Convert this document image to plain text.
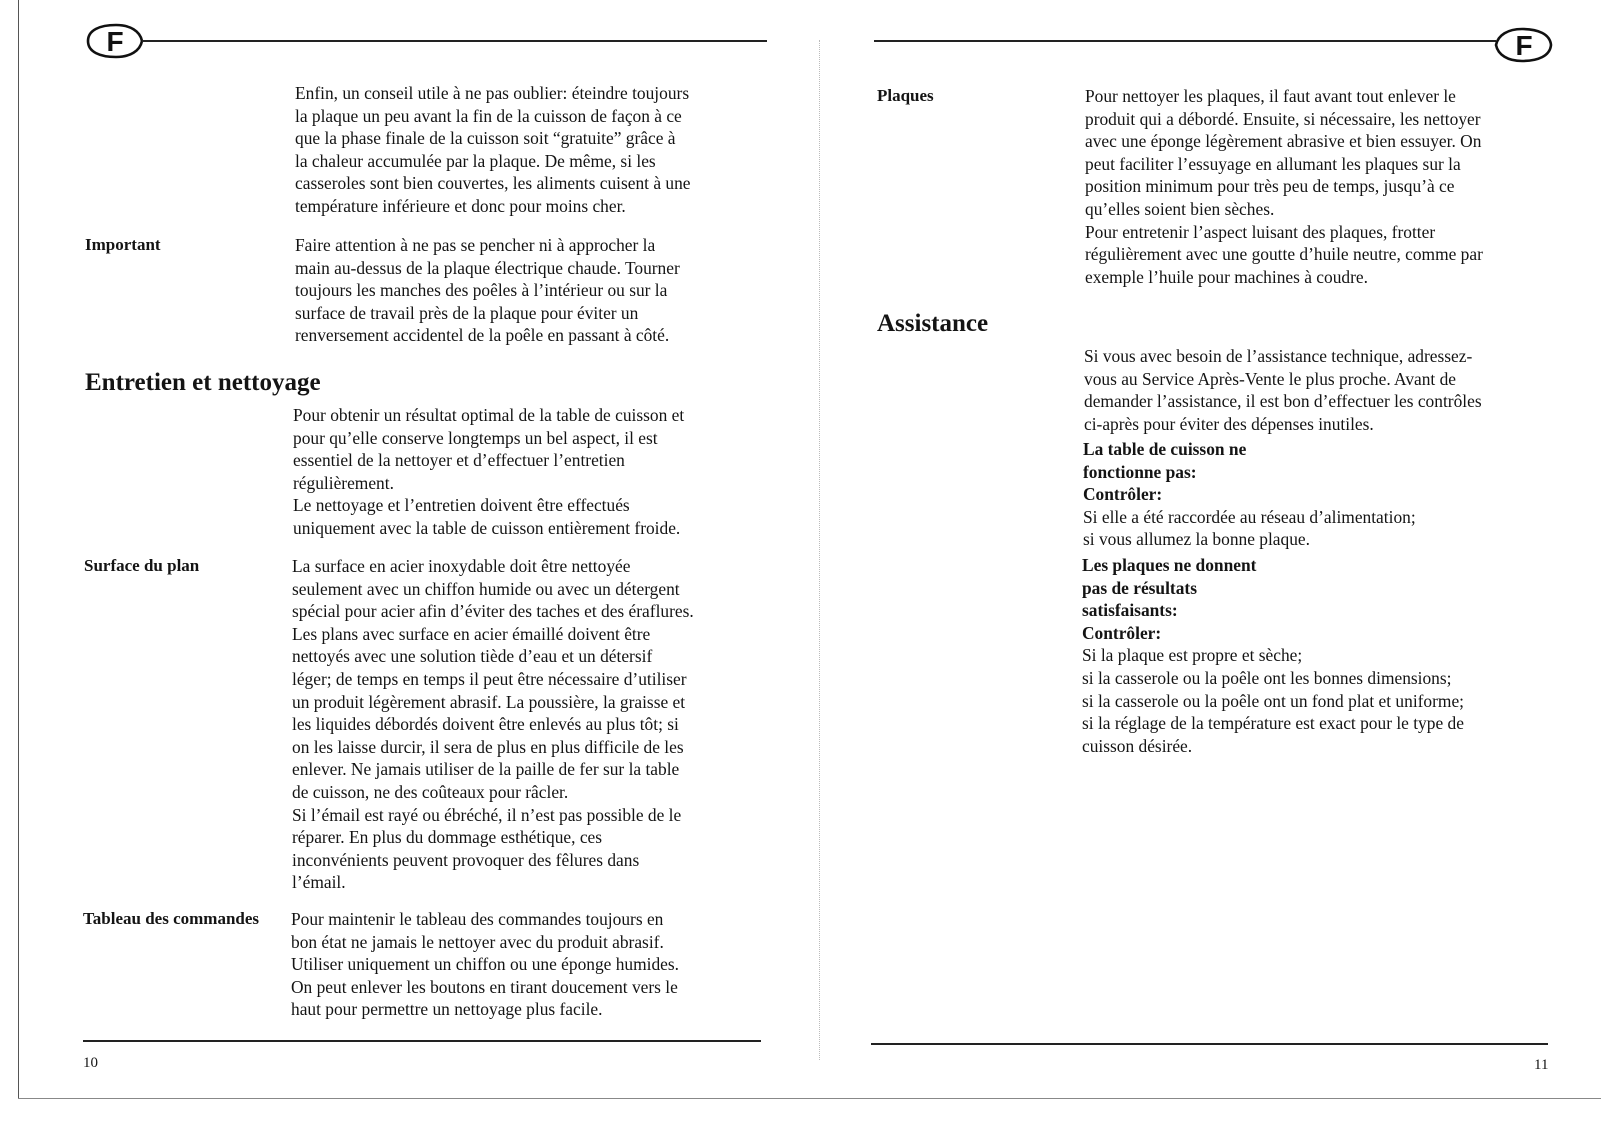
F
Enfin, un conseil utile à ne pas oublier: éteindre toujours
la plaque un peu avant la fin de la cuisson de façon à ce
que la phase finale de la cuisson soit “gratuite” grâce à
la chaleur accumulée par la plaque. De même, si les
casseroles sont bien couvertes, les aliments cuisent à une
température inférieure et donc pour moins cher.
Important	Faire attention à ne pas se pencher ni à approcher la
main au-dessus de la plaque électrique chaude. Tourner
toujours les manches des poêles à l’intérieur ou sur la
surface de travail près de la plaque pour éviter un
renversement accidentel de la poêle en passant à côté.
Entretien et nettoyage
Pour obtenir un résultat optimal de la table de cuisson et
pour qu’elle conserve longtemps un bel aspect, il est
essentiel de la nettoyer et d’effectuer l’entretien
régulièrement.
Le nettoyage et l’entretien doivent être effectués
uniquement avec la table de cuisson entièrement froide.
Surface du plan	La surface en acier inoxydable doit être nettoyée
seulement avec un chiffon humide ou avec un détergent
spécial pour acier afin d’éviter des taches et des éraflures.
Les plans avec surface en acier émaillé doivent être
nettoyés avec une solution tiède d’eau et un détersif
léger; de temps en temps il peut être nécessaire d’utiliser
un produit légèrement abrasif. La poussière, la graisse et
les liquides débordés doivent être enlevés au plus tôt; si
on les laisse durcir, il sera de plus en plus difficile de les
enlever. Ne jamais utiliser de la paille de fer sur la table
de cuisson, ne des coûteaux pour râcler.
Si l’émail est rayé ou ébréché, il n’est pas possible de le
réparer. En plus du dommage esthétique, ces
inconvénients peuvent provoquer des fêlures dans
l’émail.
Tableau des commandes Pour maintenir le tableau des commandes toujours en
bon état ne jamais le nettoyer avec du produit abrasif.
Utiliser uniquement un chiffon ou une éponge humides.
On peut enlever les boutons en tirant doucement vers le
haut pour permettre un nettoyage plus facile.
10
F
Plaques	Pour nettoyer les plaques, il faut avant tout enlever le
produit qui a débordé. Ensuite, si nécessaire, les nettoyer
avec une éponge légèrement abrasive et bien essuyer. On
peut faciliter l’essuyage en allumant les plaques sur la
position minimum pour très peu de temps, jusqu’à ce
qu’elles soient bien sèches.
Pour entretenir l’aspect luisant des plaques, frotter
régulièrement avec une goutte d’huile neutre, comme par
exemple l’huile pour machines à coudre.
Assistance
Si vous avec besoin de l’assistance technique, adressez-
vous au Service Après-Vente le plus proche. Avant de
demander l’assistance, il est bon d’effectuer les contrôles
ci-après pour éviter des dépenses inutiles.
La table de cuisson ne
fonctionne pas:
Contrôler:
Si elle a été raccordée au réseau d’alimentation;
si vous allumez la bonne plaque.
Les plaques ne donnent
pas de résultats
satisfaisants:
Contrôler:
Si la plaque est propre et sèche;
si la casserole ou la poêle ont les bonnes dimensions;
si la casserole ou la poêle ont un fond plat et uniforme;
si la réglage de la température est exact pour le type de
cuisson désirée.
11
